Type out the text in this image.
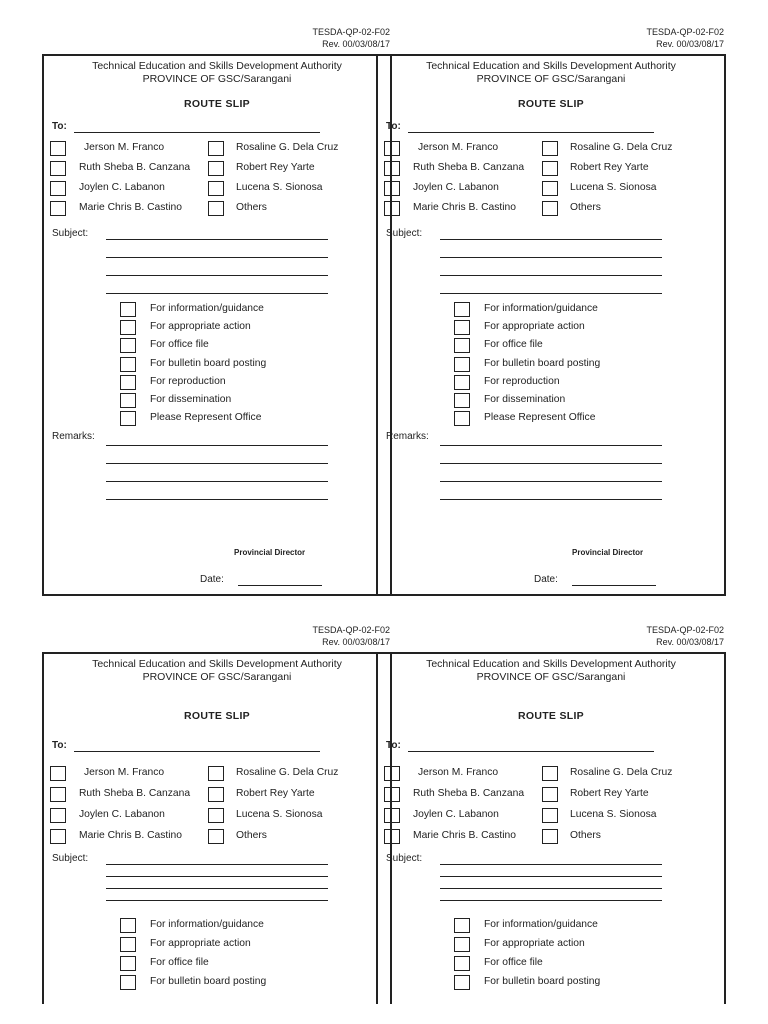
TESDA-QP-02-F02
Rev. 00/03/08/17
Technical Education and Skills Development Authority
PROVINCE OF GSC/Sarangani
ROUTE SLIP
To:
Jerson M. Franco
Ruth Sheba B. Canzana
Joylen C. Labanon
Marie Chris B. Castino
Rosaline G. Dela Cruz
Robert Rey Yarte
Lucena S. Sionosa
Others
Subject:
For information/guidance
For appropriate action
For office file
For bulletin board posting
For reproduction
For dissemination
Please Represent Office
Remarks:
Provincial Director
Date:
TESDA-QP-02-F02
Rev. 00/03/08/17
Technical Education and Skills Development Authority
PROVINCE OF GSC/Sarangani
ROUTE SLIP
To:
Jerson M. Franco
Ruth Sheba B. Canzana
Joylen C. Labanon
Marie Chris B. Castino
Rosaline G. Dela Cruz
Robert Rey Yarte
Lucena S. Sionosa
Others
Subject:
For information/guidance
For appropriate action
For office file
For bulletin board posting
For reproduction
For dissemination
Please Represent Office
Remarks:
Provincial Director
Date:
TESDA-QP-02-F02
Rev. 00/03/08/17
Technical Education and Skills Development Authority
PROVINCE OF GSC/Sarangani
ROUTE SLIP
To:
Jerson M. Franco
Ruth Sheba B. Canzana
Joylen C. Labanon
Marie Chris B. Castino
Rosaline G. Dela Cruz
Robert Rey Yarte
Lucena S. Sionosa
Others
Subject:
For information/guidance
For appropriate action
For office file
For bulletin board posting
TESDA-QP-02-F02
Rev. 00/03/08/17
Technical Education and Skills Development Authority
PROVINCE OF GSC/Sarangani
ROUTE SLIP
To:
Jerson M. Franco
Ruth Sheba B. Canzana
Joylen C. Labanon
Marie Chris B. Castino
Rosaline G. Dela Cruz
Robert Rey Yarte
Lucena S. Sionosa
Others
Subject:
For information/guidance
For appropriate action
For office file
For bulletin board posting
